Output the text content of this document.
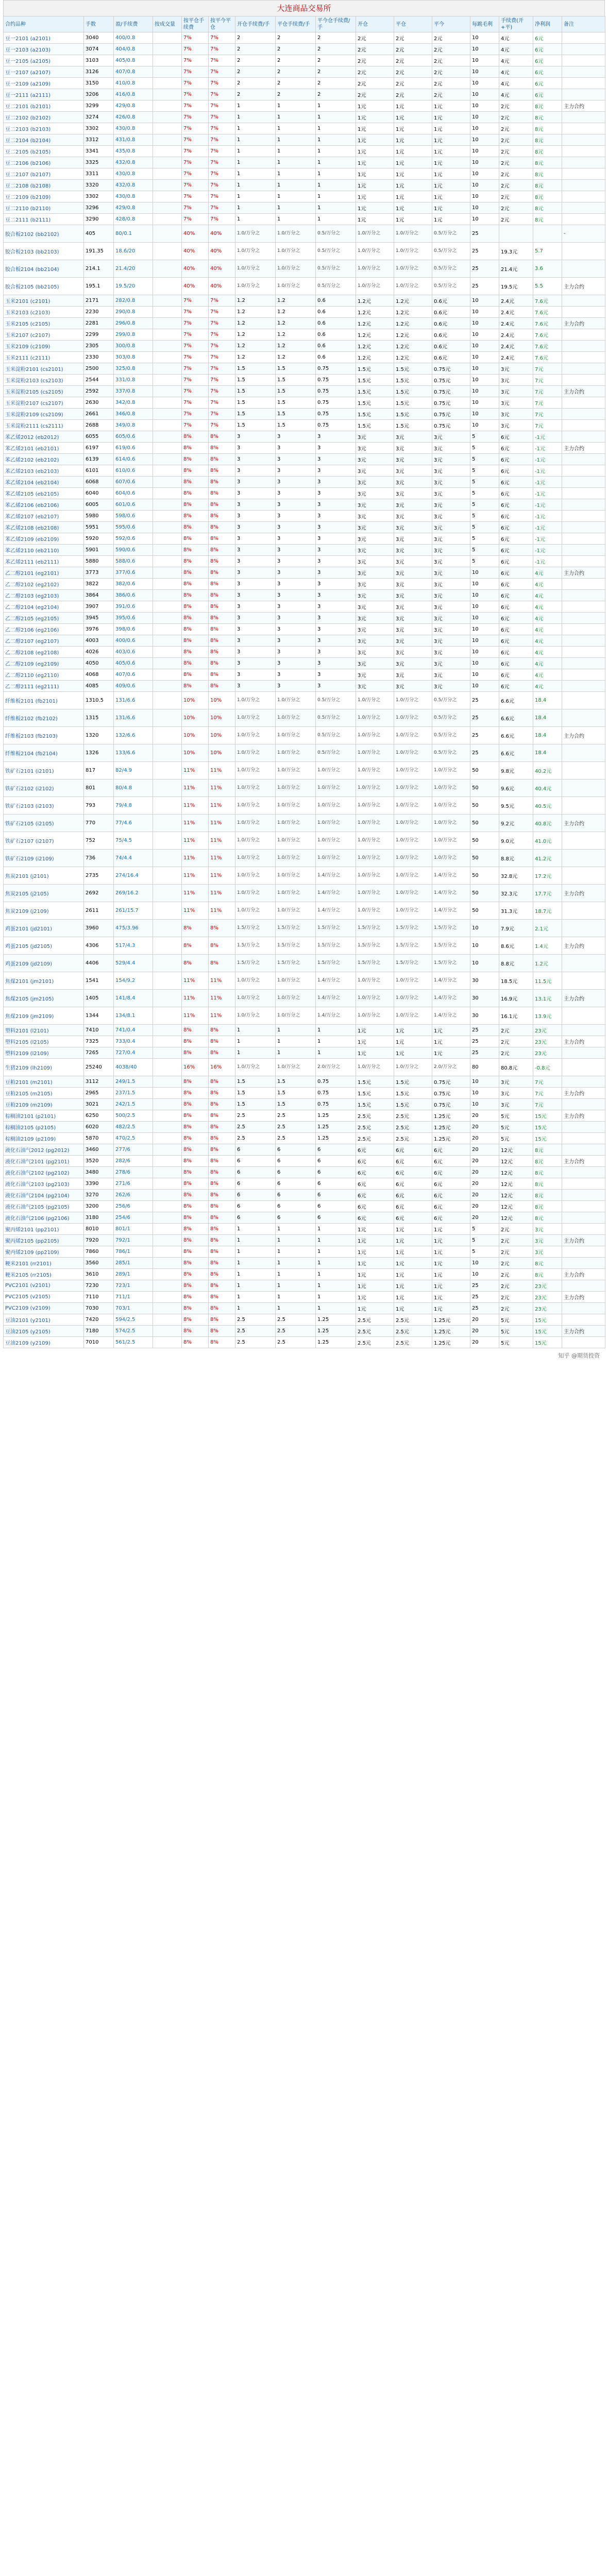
大连商品交易所
合约品种	手数	盈/手续费	按成交量	按平仓手续费	按平今平仓	开仓手续费/手	平仓手续费/手	平今仓手续费/手	开仓	平仓	平今	每跳毛利	手续费(开+平)	净利润	备注
豆一2101 (a2101)	3040	400/0.8		7%	7%	2	2	2	2元	2元	2元	10	4元	6元	
豆一2103 (a2103)	3074	404/0.8		7%	7%	2	2	2	2元	2元	2元	10	4元	6元	
豆一2105 (a2105)	3103	405/0.8		7%	7%	2	2	2	2元	2元	2元	10	4元	6元	
豆一2107 (a2107)	3126	407/0.8		7%	7%	2	2	2	2元	2元	2元	10	4元	6元	
豆一2109 (a2109)	3150	410/0.8		7%	7%	2	2	2	2元	2元	2元	10	4元	6元	
豆一2111 (a2111)	3206	416/0.8		7%	7%	2	2	2	2元	2元	2元	10	4元	6元	
豆二2101 (b2101)	3299	429/0.8		7%	7%	1	1	1	1元	1元	1元	10	2元	8元	主力合约
豆二2102 (b2102)	3274	426/0.8		7%	7%	1	1	1	1元	1元	1元	10	2元	8元	
豆二2103 (b2103)	3302	430/0.8		7%	7%	1	1	1	1元	1元	1元	10	2元	8元	
豆二2104 (b2104)	3312	431/0.8		7%	7%	1	1	1	1元	1元	1元	10	2元	8元	
豆二2105 (b2105)	3341	435/0.8		7%	7%	1	1	1	1元	1元	1元	10	2元	8元	
豆二2106 (b2106)	3325	432/0.8		7%	7%	1	1	1	1元	1元	1元	10	2元	8元	
豆二2107 (b2107)	3311	430/0.8		7%	7%	1	1	1	1元	1元	1元	10	2元	8元	
豆二2108 (b2108)	3320	432/0.8		7%	7%	1	1	1	1元	1元	1元	10	2元	8元	
豆二2109 (b2109)	3302	430/0.8		7%	7%	1	1	1	1元	1元	1元	10	2元	8元	
豆二2110 (b2110)	3296	429/0.8		7%	7%	1	1	1	1元	1元	1元	10	2元	8元	
豆二2111 (b2111)	3290	428/0.8		7%	7%	1	1	1	1元	1元	1元	10	2元	8元	
胶合板2102 (bb2102)	405	80/0.1		40%	40%	1.0/万分之	1.0/万分之	0.5/万分之	1.0/万分之	1.0/万分之	0.5/万分之	25			-
胶合板2103 (bb2103)	191.35	18.6/20		40%	40%	1.0/万分之	1.0/万分之	0.5/万分之	1.0/万分之	1.0/万分之	0.5/万分之	25	19.3元	5.7	
胶合板2104 (bb2104)	214.1	21.4/20		40%	40%	1.0/万分之	1.0/万分之	0.5/万分之	1.0/万分之	1.0/万分之	0.5/万分之	25	21.4元	3.6	
胶合板2105 (bb2105)	195.1	19.5/20		40%	40%	1.0/万分之	1.0/万分之	0.5/万分之	1.0/万分之	1.0/万分之	0.5/万分之	25	19.5元	5.5	主力合约
玉米2101 (c2101)	2171	282/0.8		7%	7%	1.2	1.2	0.6	1.2元	1.2元	0.6元	10	2.4元	7.6元	
玉米2103 (c2103)	2230	290/0.8		7%	7%	1.2	1.2	0.6	1.2元	1.2元	0.6元	10	2.4元	7.6元	
玉米2105 (c2105)	2281	296/0.8		7%	7%	1.2	1.2	0.6	1.2元	1.2元	0.6元	10	2.4元	7.6元	主力合约
玉米2107 (c2107)	2299	299/0.8		7%	7%	1.2	1.2	0.6	1.2元	1.2元	0.6元	10	2.4元	7.6元	
玉米2109 (c2109)	2305	300/0.8		7%	7%	1.2	1.2	0.6	1.2元	1.2元	0.6元	10	2.4元	7.6元	
玉米2111 (c2111)	2330	303/0.8		7%	7%	1.2	1.2	0.6	1.2元	1.2元	0.6元	10	2.4元	7.6元	
玉米淀粉2101 (cs2101)	2500	325/0.8		7%	7%	1.5	1.5	0.75	1.5元	1.5元	0.75元	10	3元	7元	
玉米淀粉2103 (cs2103)	2544	331/0.8		7%	7%	1.5	1.5	0.75	1.5元	1.5元	0.75元	10	3元	7元	
玉米淀粉2105 (cs2105)	2592	337/0.8		7%	7%	1.5	1.5	0.75	1.5元	1.5元	0.75元	10	3元	7元	主力合约
玉米淀粉2107 (cs2107)	2630	342/0.8		7%	7%	1.5	1.5	0.75	1.5元	1.5元	0.75元	10	3元	7元	
玉米淀粉2109 (cs2109)	2661	346/0.8		7%	7%	1.5	1.5	0.75	1.5元	1.5元	0.75元	10	3元	7元	
玉米淀粉2111 (cs2111)	2688	349/0.8		7%	7%	1.5	1.5	0.75	1.5元	1.5元	0.75元	10	3元	7元	
苯乙烯2012 (eb2012)	6055	605/0.6		8%	8%	3	3	3	3元	3元	3元	5	6元	-1元	
苯乙烯2101 (eb2101)	6197	619/0.6		8%	8%	3	3	3	3元	3元	3元	5	6元	-1元	主力合约
苯乙烯2102 (eb2102)	6139	614/0.6		8%	8%	3	3	3	3元	3元	3元	5	6元	-1元	
苯乙烯2103 (eb2103)	6101	610/0.6		8%	8%	3	3	3	3元	3元	3元	5	6元	-1元	
苯乙烯2104 (eb2104)	6068	607/0.6		8%	8%	3	3	3	3元	3元	3元	5	6元	-1元	
苯乙烯2105 (eb2105)	6040	604/0.6		8%	8%	3	3	3	3元	3元	3元	5	6元	-1元	
苯乙烯2106 (eb2106)	6005	601/0.6		8%	8%	3	3	3	3元	3元	3元	5	6元	-1元	
苯乙烯2107 (eb2107)	5980	598/0.6		8%	8%	3	3	3	3元	3元	3元	5	6元	-1元	
苯乙烯2108 (eb2108)	5951	595/0.6		8%	8%	3	3	3	3元	3元	3元	5	6元	-1元	
苯乙烯2109 (eb2109)	5920	592/0.6		8%	8%	3	3	3	3元	3元	3元	5	6元	-1元	
苯乙烯2110 (eb2110)	5901	590/0.6		8%	8%	3	3	3	3元	3元	3元	5	6元	-1元	
苯乙烯2111 (eb2111)	5880	588/0.6		8%	8%	3	3	3	3元	3元	3元	5	6元	-1元	
乙二醇2101 (eg2101)	3773	377/0.6		8%	8%	3	3	3	3元	3元	3元	10	6元	4元	主力合约
乙二醇2102 (eg2102)	3822	382/0.6		8%	8%	3	3	3	3元	3元	3元	10	6元	4元	
乙二醇2103 (eg2103)	3864	386/0.6		8%	8%	3	3	3	3元	3元	3元	10	6元	4元	
乙二醇2104 (eg2104)	3907	391/0.6		8%	8%	3	3	3	3元	3元	3元	10	6元	4元	
乙二醇2105 (eg2105)	3945	395/0.6		8%	8%	3	3	3	3元	3元	3元	10	6元	4元	
乙二醇2106 (eg2106)	3976	398/0.6		8%	8%	3	3	3	3元	3元	3元	10	6元	4元	
乙二醇2107 (eg2107)	4003	400/0.6		8%	8%	3	3	3	3元	3元	3元	10	6元	4元	
乙二醇2108 (eg2108)	4026	403/0.6		8%	8%	3	3	3	3元	3元	3元	10	6元	4元	
乙二醇2109 (eg2109)	4050	405/0.6		8%	8%	3	3	3	3元	3元	3元	10	6元	4元	
乙二醇2110 (eg2110)	4068	407/0.6		8%	8%	3	3	3	3元	3元	3元	10	6元	4元	
乙二醇2111 (eg2111)	4085	409/0.6		8%	8%	3	3	3	3元	3元	3元	10	6元	4元	
纤维板2101 (fb2101)	1310.5	131/6.6		10%	10%	1.0/万分之	1.0/万分之	0.5/万分之	1.0/万分之	1.0/万分之	0.5/万分之	25	6.6元	18.4	
纤维板2102 (fb2102)	1315	131/6.6		10%	10%	1.0/万分之	1.0/万分之	0.5/万分之	1.0/万分之	1.0/万分之	0.5/万分之	25	6.6元	18.4	
纤维板2103 (fb2103)	1320	132/6.6		10%	10%	1.0/万分之	1.0/万分之	0.5/万分之	1.0/万分之	1.0/万分之	0.5/万分之	25	6.6元	18.4	主力合约
纤维板2104 (fb2104)	1326	133/6.6		10%	10%	1.0/万分之	1.0/万分之	0.5/万分之	1.0/万分之	1.0/万分之	0.5/万分之	25	6.6元	18.4	
铁矿石2101 (i2101)	817	82/4.9		11%	11%	1.0/万分之	1.0/万分之	1.0/万分之	1.0/万分之	1.0/万分之	1.0/万分之	50	9.8元	40.2元	
铁矿石2102 (i2102)	801	80/4.8		11%	11%	1.0/万分之	1.0/万分之	1.0/万分之	1.0/万分之	1.0/万分之	1.0/万分之	50	9.6元	40.4元	
铁矿石2103 (i2103)	793	79/4.8		11%	11%	1.0/万分之	1.0/万分之	1.0/万分之	1.0/万分之	1.0/万分之	1.0/万分之	50	9.5元	40.5元	
铁矿石2105 (i2105)	770	77/4.6		11%	11%	1.0/万分之	1.0/万分之	1.0/万分之	1.0/万分之	1.0/万分之	1.0/万分之	50	9.2元	40.8元	主力合约
铁矿石2107 (i2107)	752	75/4.5		11%	11%	1.0/万分之	1.0/万分之	1.0/万分之	1.0/万分之	1.0/万分之	1.0/万分之	50	9.0元	41.0元	
铁矿石2109 (i2109)	736	74/4.4		11%	11%	1.0/万分之	1.0/万分之	1.0/万分之	1.0/万分之	1.0/万分之	1.0/万分之	50	8.8元	41.2元	
焦炭2101 (j2101)	2735	274/16.4		11%	11%	1.0/万分之	1.0/万分之	1.4/万分之	1.0/万分之	1.0/万分之	1.4/万分之	50	32.8元	17.2元	
焦炭2105 (j2105)	2692	269/16.2		11%	11%	1.0/万分之	1.0/万分之	1.4/万分之	1.0/万分之	1.0/万分之	1.4/万分之	50	32.3元	17.7元	主力合约
焦炭2109 (j2109)	2611	261/15.7		11%	11%	1.0/万分之	1.0/万分之	1.4/万分之	1.0/万分之	1.0/万分之	1.4/万分之	50	31.3元	18.7元	
鸡蛋2101 (jd2101)	3960	475/3.96		8%	8%	1.5/万分之	1.5/万分之	1.5/万分之	1.5/万分之	1.5/万分之	1.5/万分之	10	7.9元	2.1元	
鸡蛋2105 (jd2105)	4306	517/4.3		8%	8%	1.5/万分之	1.5/万分之	1.5/万分之	1.5/万分之	1.5/万分之	1.5/万分之	10	8.6元	1.4元	主力合约
鸡蛋2109 (jd2109)	4406	529/4.4		8%	8%	1.5/万分之	1.5/万分之	1.5/万分之	1.5/万分之	1.5/万分之	1.5/万分之	10	8.8元	1.2元	
焦煤2101 (jm2101)	1541	154/9.2		11%	11%	1.0/万分之	1.0/万分之	1.4/万分之	1.0/万分之	1.0/万分之	1.4/万分之	30	18.5元	11.5元	
焦煤2105 (jm2105)	1405	141/8.4		11%	11%	1.0/万分之	1.0/万分之	1.4/万分之	1.0/万分之	1.0/万分之	1.4/万分之	30	16.9元	13.1元	主力合约
焦煤2109 (jm2109)	1344	134/8.1		11%	11%	1.0/万分之	1.0/万分之	1.4/万分之	1.0/万分之	1.0/万分之	1.4/万分之	30	16.1元	13.9元	
塑料2101 (l2101)	7410	741/0.4		8%	8%	1	1	1	1元	1元	1元	25	2元	23元	
塑料2105 (l2105)	7325	733/0.4		8%	8%	1	1	1	1元	1元	1元	25	2元	23元	主力合约
塑料2109 (l2109)	7265	727/0.4		8%	8%	1	1	1	1元	1元	1元	25	2元	23元	
生猪2109 (lh2109)	25240	4038/40		16%	16%	1.0/万分之	1.0/万分之	2.0/万分之	1.0/万分之	1.0/万分之	2.0/万分之	80	80.8元	-0.8元	
豆粕2101 (m2101)	3112	249/1.5		8%	8%	1.5	1.5	0.75	1.5元	1.5元	0.75元	10	3元	7元	
豆粕2105 (m2105)	2965	237/1.5		8%	8%	1.5	1.5	0.75	1.5元	1.5元	0.75元	10	3元	7元	主力合约
豆粕2109 (m2109)	3021	242/1.5		8%	8%	1.5	1.5	0.75	1.5元	1.5元	0.75元	10	3元	7元	
棕榈油2101 (p2101)	6250	500/2.5		8%	8%	2.5	2.5	1.25	2.5元	2.5元	1.25元	20	5元	15元	主力合约
棕榈油2105 (p2105)	6020	482/2.5		8%	8%	2.5	2.5	1.25	2.5元	2.5元	1.25元	20	5元	15元	
棕榈油2109 (p2109)	5870	470/2.5		8%	8%	2.5	2.5	1.25	2.5元	2.5元	1.25元	20	5元	15元	
液化石油气2012 (pg2012)	3460	277/6		8%	8%	6	6	6	6元	6元	6元	20	12元	8元	
液化石油气2101 (pg2101)	3520	282/6		8%	8%	6	6	6	6元	6元	6元	20	12元	8元	主力合约
液化石油气2102 (pg2102)	3480	278/6		8%	8%	6	6	6	6元	6元	6元	20	12元	8元	
液化石油气2103 (pg2103)	3390	271/6		8%	8%	6	6	6	6元	6元	6元	20	12元	8元	
液化石油气2104 (pg2104)	3270	262/6		8%	8%	6	6	6	6元	6元	6元	20	12元	8元	
液化石油气2105 (pg2105)	3200	256/6		8%	8%	6	6	6	6元	6元	6元	20	12元	8元	
液化石油气2106 (pg2106)	3180	254/6		8%	8%	6	6	6	6元	6元	6元	20	12元	8元	
聚丙烯2101 (pp2101)	8010	801/1		8%	8%	1	1	1	1元	1元	1元	5	2元	3元	
聚丙烯2105 (pp2105)	7920	792/1		8%	8%	1	1	1	1元	1元	1元	5	2元	3元	主力合约
聚丙烯2109 (pp2109)	7860	786/1		8%	8%	1	1	1	1元	1元	1元	5	2元	3元	
粳米2101 (rr2101)	3560	285/1		8%	8%	1	1	1	1元	1元	1元	10	2元	8元	
粳米2105 (rr2105)	3610	289/1		8%	8%	1	1	1	1元	1元	1元	10	2元	8元	主力合约
PVC2101 (v2101)	7230	723/1		8%	8%	1	1	1	1元	1元	1元	25	2元	23元	
PVC2105 (v2105)	7110	711/1		8%	8%	1	1	1	1元	1元	1元	25	2元	23元	主力合约
PVC2109 (v2109)	7030	703/1		8%	8%	1	1	1	1元	1元	1元	25	2元	23元	
豆油2101 (y2101)	7420	594/2.5		8%	8%	2.5	2.5	1.25	2.5元	2.5元	1.25元	20	5元	15元	
豆油2105 (y2105)	7180	574/2.5		8%	8%	2.5	2.5	1.25	2.5元	2.5元	1.25元	20	5元	15元	主力合约
豆油2109 (y2109)	7010	561/2.5		8%	8%	2.5	2.5	1.25	2.5元	2.5元	1.25元	20	5元	15元	
知乎 @期货投资
